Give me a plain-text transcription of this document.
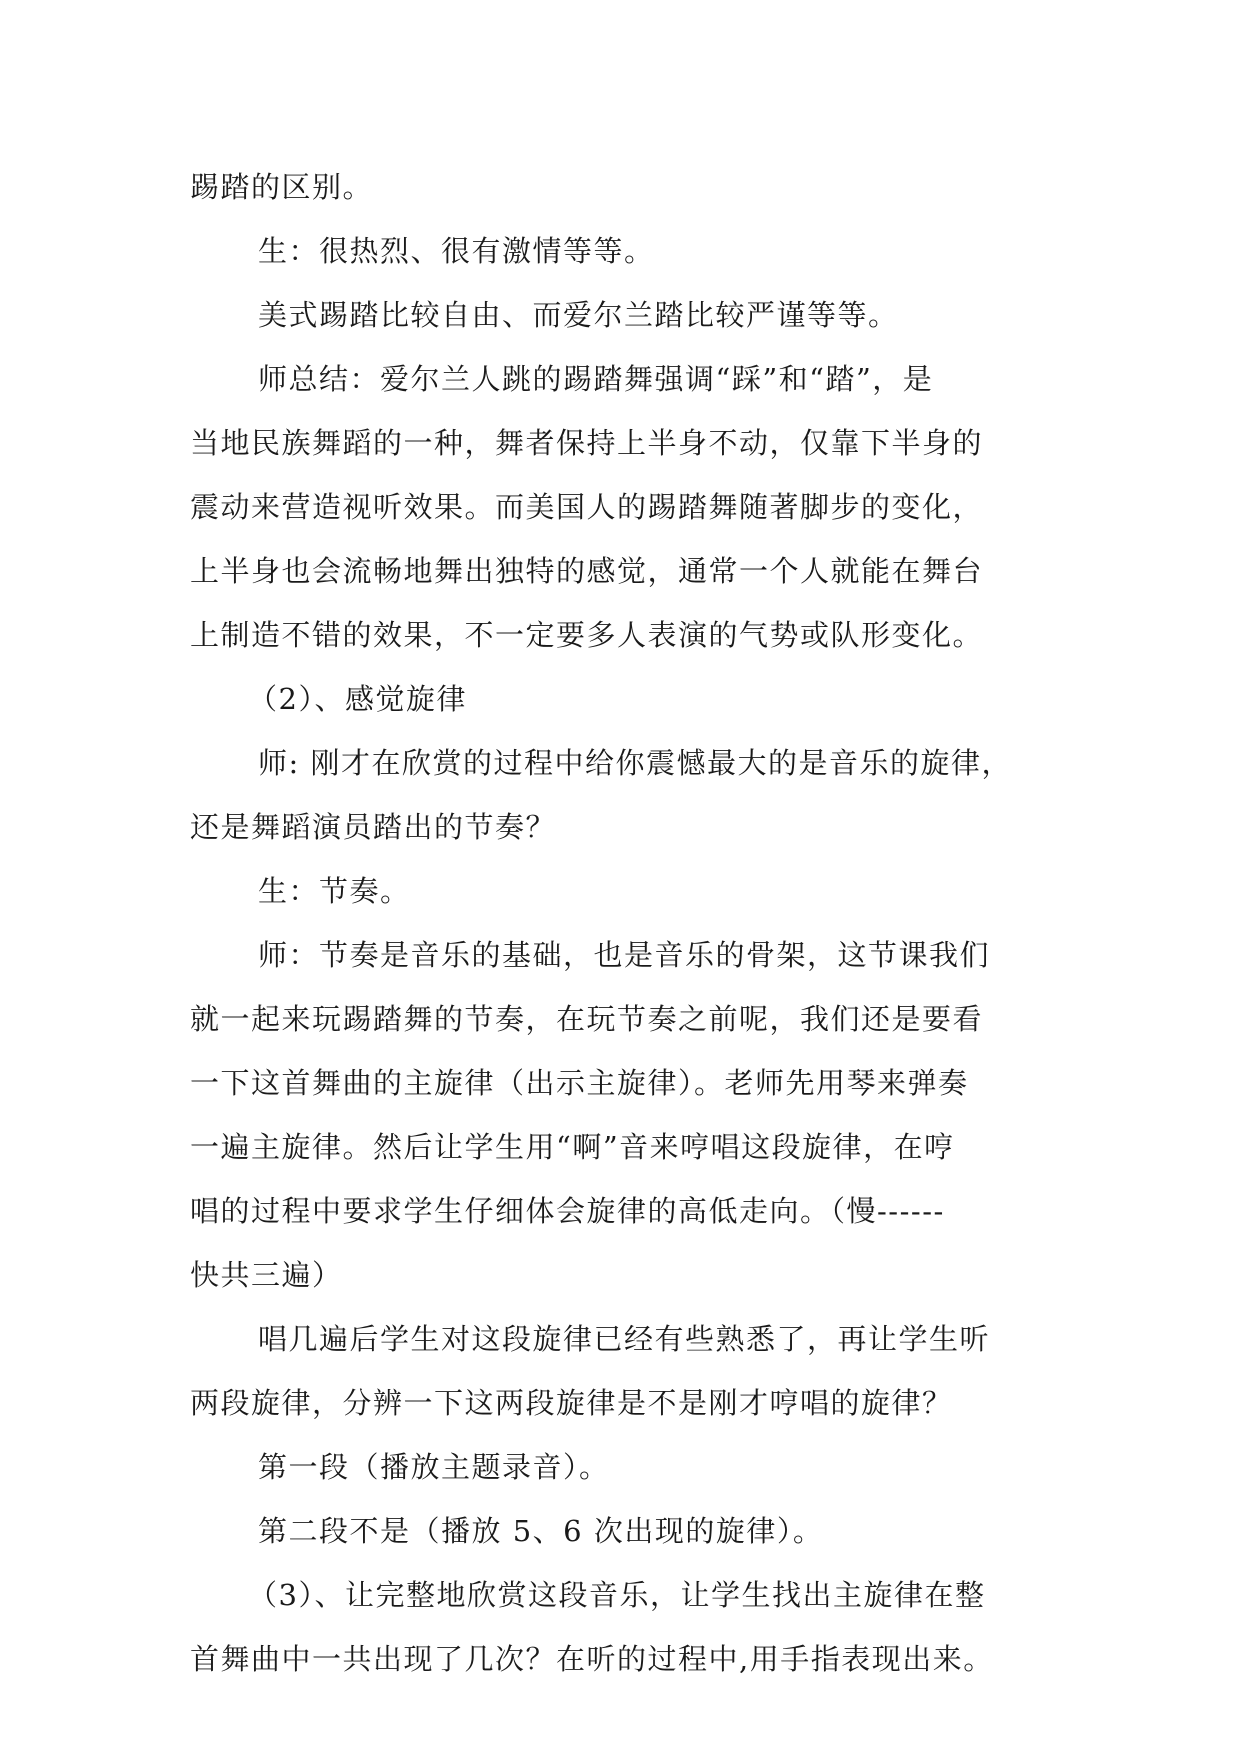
踢踏的区别。
生：很热烈、很有激情等等。
美式踢踏比较自由、而爱尔兰踏比较严谨等等。
师总结：爱尔兰人跳的踢踏舞强调“踩”和“踏”，是
当地民族舞蹈的一种，舞者保持上半身不动，仅靠下半身的
震动来营造视听效果。而美国人的踢踏舞随著脚步的变化，
上半身也会流畅地舞出独特的感觉，通常一个人就能在舞台
上制造不错的效果，不一定要多人表演的气势或队形变化。
（2）、感觉旋律
师: 刚才在欣赏的过程中给你震憾最大的是音乐的旋律，
还是舞蹈演员踏出的节奏？
生：节奏。
师：节奏是音乐的基础，也是音乐的骨架，这节课我们
就一起来玩踢踏舞的节奏，在玩节奏之前呢，我们还是要看
一下这首舞曲的主旋律（出示主旋律）。老师先用琴来弹奏
一遍主旋律。然后让学生用“啊”音来哼唱这段旋律，在哼
唱的过程中要求学生仔细体会旋律的高低走向。（慢------
快共三遍）
唱几遍后学生对这段旋律已经有些熟悉了，再让学生听
两段旋律，分辨一下这两段旋律是不是刚才哼唱的旋律？
第一段（播放主题录音）。
第二段不是（播放 5、6 次出现的旋律）。
（3）、让完整地欣赏这段音乐，让学生找出主旋律在整
首舞曲中一共出现了几次？在听的过程中,用手指表现出来。
